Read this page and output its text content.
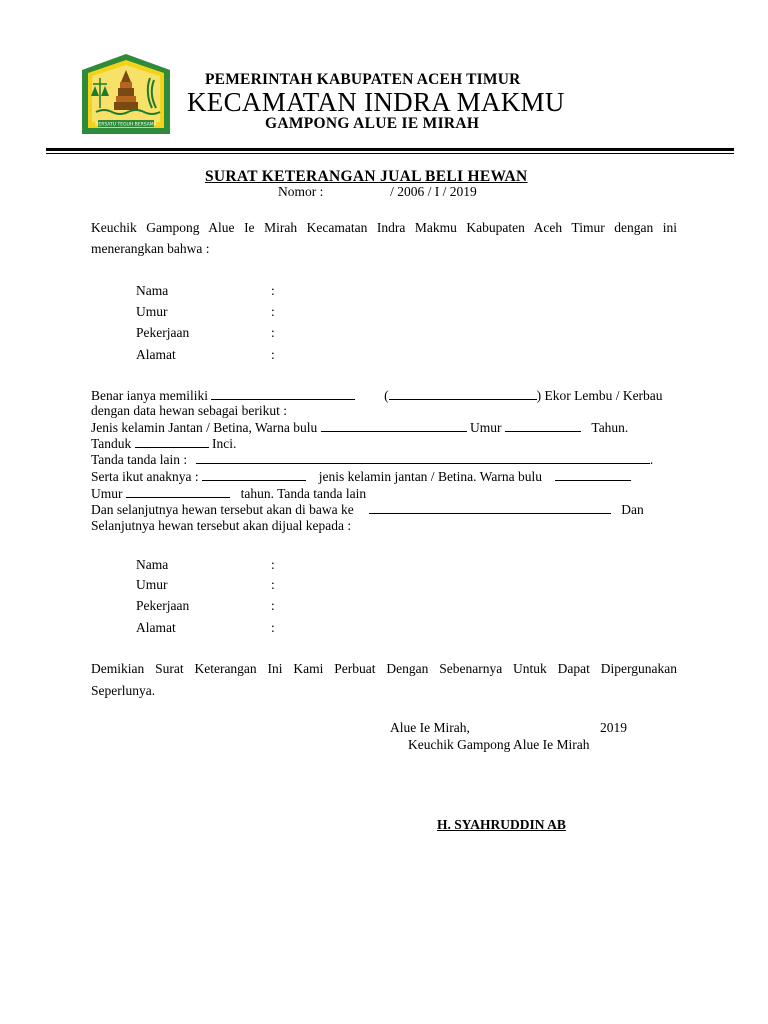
BERSATU TEGUH BERSAMA
PEMERINTAH KABUPATEN ACEH TIMUR
KECAMATAN INDRA MAKMU
GAMPONG ALUE IE MIRAH
SURAT KETERANGAN JUAL BELI HEWAN
Nomor :	/ 2006 / I / 2019
Keuchik Gampong Alue Ie Mirah Kecamatan Indra Makmu Kabupaten Aceh Timur dengan ini
menerangkan bahwa :
Nama	:
Umur	:
Pekerjaan	:
Alamat	:
Benar ianya memiliki	(	) Ekor Lembu / Kerbau
dengan data hewan sebagai berikut :
Jenis kelamin Jantan / Betina, Warna bulu	Umur	Tahun.
Tanduk	Inci.
Tanda tanda lain :	.
Serta ikut anaknya :	jenis kelamin jantan / Betina. Warna bulu
Umur	tahun. Tanda tanda lain
Dan selanjutnya hewan tersebut akan di bawa ke	Dan
Selanjutnya hewan tersebut akan dijual kepada :
Nama	:
Umur	:
Pekerjaan	:
Alamat	:
Demikian Surat Keterangan Ini Kami Perbuat Dengan Sebenarnya Untuk Dapat Dipergunakan
Seperlunya.
Alue Ie Mirah,	2019
Keuchik Gampong Alue Ie Mirah
H. SYAHRUDDIN AB
